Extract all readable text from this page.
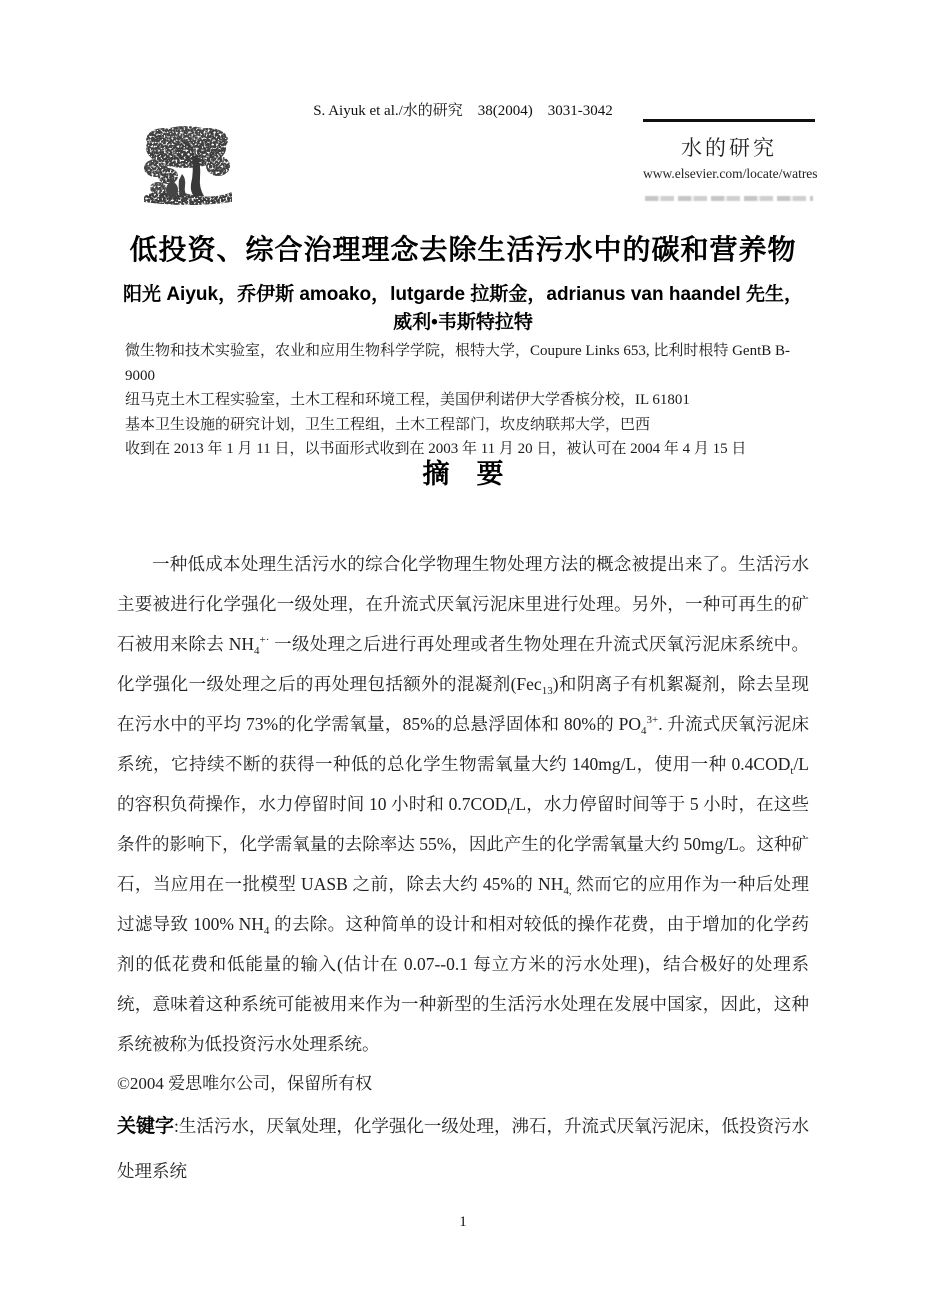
S. Aiyuk et al./水的研究　38(2004)　3031-3042
水的研究
www.elsevier.com/locate/watres
低投资、综合治理理念去除生活污水中的碳和营养物
阳光 Aiyuk，乔伊斯 amoako，lutgarde 拉斯金，adrianus van haandel 先生，
威利•韦斯特拉特
微生物和技术实验室，农业和应用生物科学学院，根特大学，Coupure Links 653, 比利时根特 GentB B-9000
纽马克土木工程实验室，土木工程和环境工程，美国伊利诺伊大学香槟分校，IL 61801
基本卫生设施的研究计划，卫生工程组，土木工程部门，坎皮纳联邦大学，巴西
收到在 2013 年 1 月 11 日，以书面形式收到在 2003 年 11 月 20 日，被认可在 2004 年 4 月 15 日
摘　要

一种低成本处理生活污水的综合化学物理生物处理方法的概念被提出来了。生活污水主要被进行化学强化一级处理，在升流式厌氧污泥床里进行处理。另外，一种可再生的矿石被用来除去 $NH_4^{+\cdot}$ 一级处理之后进行再处理或者生物处理在升流式厌氧污泥床系统中。化学强化一级处理之后的再处理包括额外的混凝剂(Fec$_{13}$)和阴离子有机絮凝剂，除去呈现在污水中的平均 73%的化学需氧量，85%的总悬浮固体和 80%的 $PO_4^{3+}$. 升流式厌氧污泥床系统，它持续不断的获得一种低的总化学生物需氧量大约 140mg/L，使用一种 $0.4COD_t/L$ 的容积负荷操作，水力停留时间 10 小时和 $0.7COD_t/L$，水力停留时间等于 5 小时，在这些条件的影响下，化学需氧量的去除率达 55%，因此产生的化学需氧量大约 50mg/L。这种矿石，当应用在一批模型 UASB 之前，除去大约 45%的 $NH_{4,}$ 然而它的应用作为一种后处理过滤导致 100% $NH_4$ 的去除。这种简单的设计和相对较低的操作花费，由于增加的化学药剂的低花费和低能量的输入(估计在 0.07--0.1 每立方米的污水处理)，结合极好的处理系统，意味着这种系统可能被用来作为一种新型的生活污水处理在发展中国家，因此，这种系统被称为低投资污水处理系统。

©2004 爱思唯尔公司，保留所有权

关键字:生活污水，厌氧处理，化学强化一级处理，沸石，升流式厌氧污泥床，低投资污水处理系统

1
